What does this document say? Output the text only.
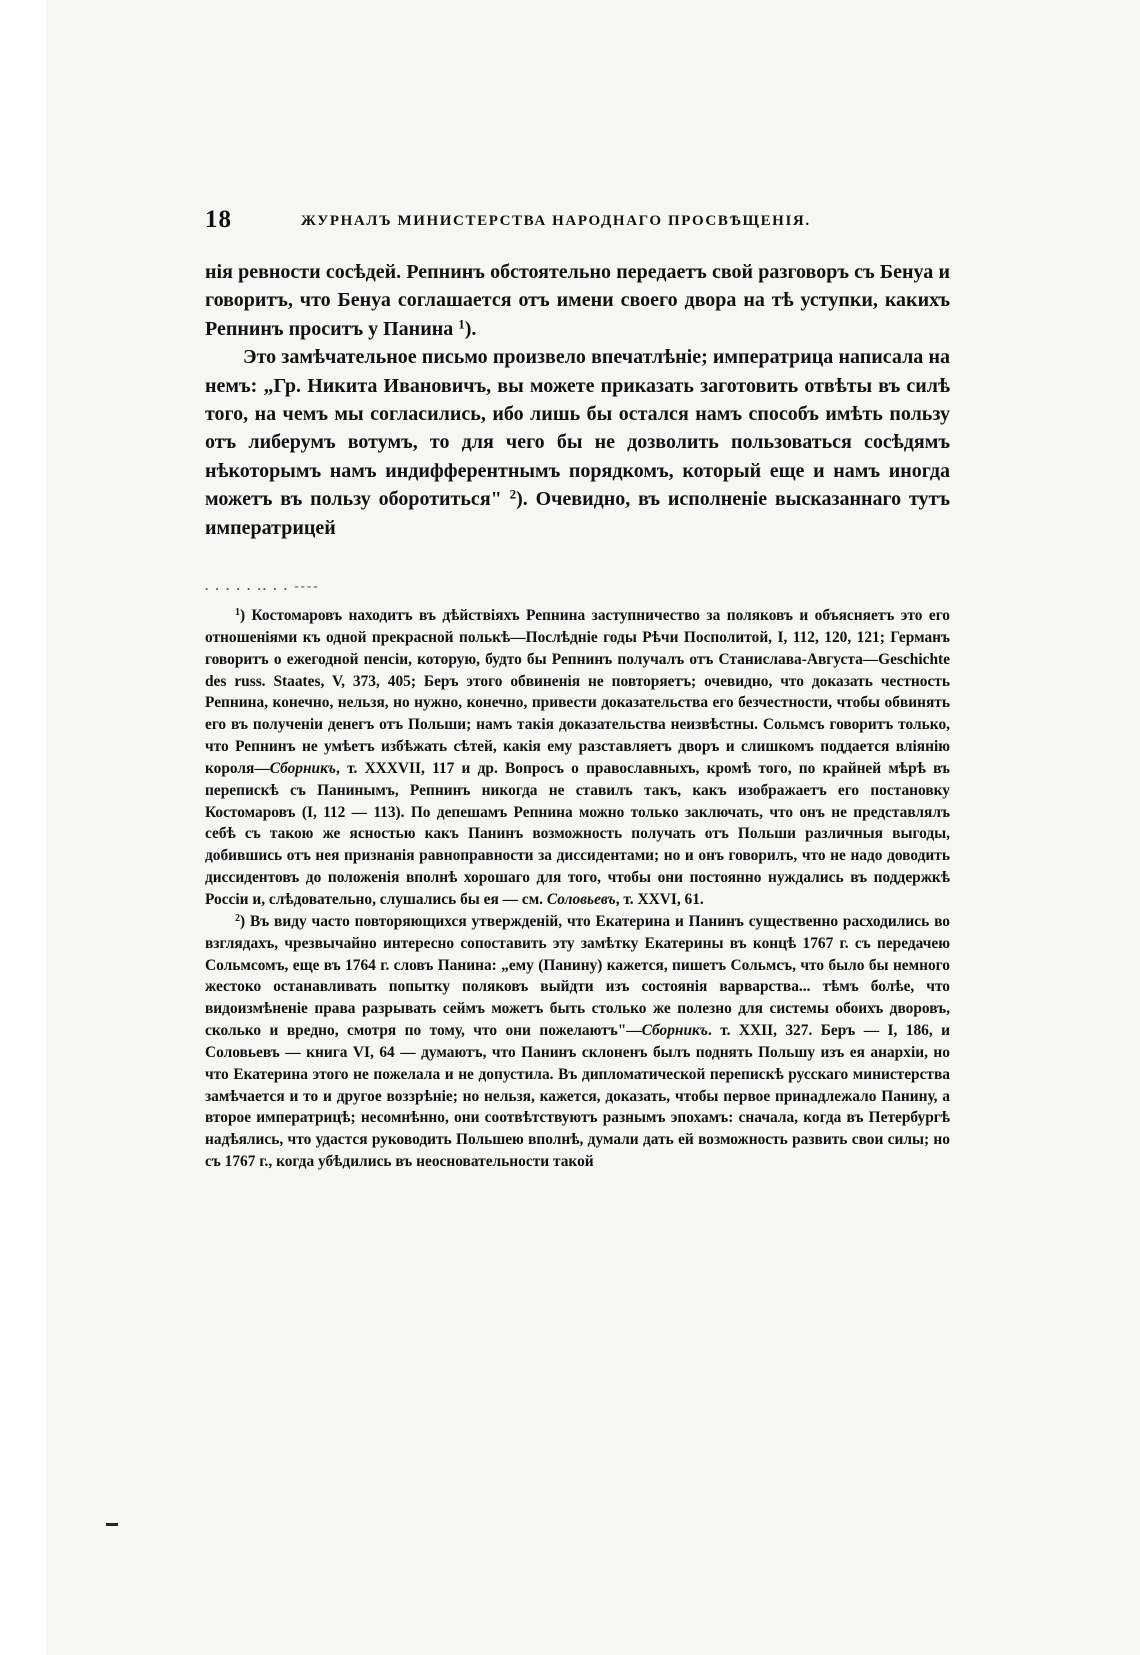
18	ЖУРНАЛЪ МИНИСТЕРСТВА НАРОДНАГО ПРОСВѢЩЕНІЯ.

нія ревности сосѣдей. Репнинъ обстоятельно передаетъ свой разговоръ съ Бенуа и говоритъ, что Бенуа соглашается отъ имени своего двора на тѣ уступки, какихъ Репнинъ проситъ у Панина $^1$).

Это замѣчательное письмо произвело впечатлѣніе; императрица написала на немъ: „Гр. Никита Ивановичъ, вы можете приказать заготовить отвѣты въ силѣ того, на чемъ мы согласились, ибо лишь бы остался намъ способъ имѣть пользу отъ либерумъ вотумъ, то для чего бы не дозволить пользоваться сосѣдямъ нѣкоторымъ намъ индифферентнымъ порядкомъ, который еще и намъ иногда можетъ въ пользу оборотиться" $^2$). Очевидно, въ исполненіе высказаннаго тутъ императрицей

. . . . . .. . . ----

$^1$) Костомаровъ находитъ въ дѣйствіяхъ Репнина заступничество за поляковъ и объясняетъ это его отношеніями къ одной прекрасной полькѣ—Послѣдніе годы Рѣчи Посполитой, I, 112, 120, 121; Германъ говоритъ о ежегодной пенсіи, которую, будто бы Репнинъ получалъ отъ Станислава-Августа—Geschichte des russ. Staates, V, 373, 405; Беръ этого обвиненія не повторяетъ; очевидно, что доказать честность Репнина, конечно, нельзя, но нужно, конечно, привести доказательства его безчестности, чтобы обвинять его въ полученіи денегъ отъ Польши; намъ такія доказательства неизвѣстны. Сольмсъ говоритъ только, что Репнинъ не умѣетъ избѣжать сѣтей, какія ему разставляетъ дворъ и слишкомъ поддается вліянію короля—Сборникъ, т. XXXVII, 117 и др. Вопросъ о православныхъ, кромѣ того, по крайней мѣрѣ въ перепискѣ съ Панинымъ, Репнинъ никогда не ставилъ такъ, какъ изображаетъ его постановку Костомаровъ (I, 112 — 113). По депешамъ Репнина можно только заключать, что онъ не представлялъ себѣ съ такою же ясностью какъ Панинъ возможность получать отъ Польши различныя выгоды, добившись отъ нея признанія равноправности за диссидентами; но и онъ говорилъ, что не надо доводить диссидентовъ до положенія вполнѣ хорошаго для того, чтобы они постоянно нуждались въ поддержкѣ Россіи и, слѣдовательно, слушались бы ея — см. Соловьевъ, т. XXVI, 61.

$^2$) Въ виду часто повторяющихся утвержденій, что Екатерина и Панинъ существенно расходились во взглядахъ, чрезвычайно интересно сопоставить эту замѣтку Екатерины въ концѣ 1767 г. съ передачею Сольмсомъ, еще въ 1764 г. словъ Панина: „ему (Панину) кажется, пишетъ Сольмсъ, что было бы немного жестоко останавливать попытку поляковъ выйдти изъ состоянія варварства... тѣмъ болѣе, что видоизмѣненіе права разрывать сеймъ можетъ быть столько же полезно для системы обоихъ дворовъ, сколько и вредно, смотря по тому, что они пожелаютъ"—Сборникъ. т. XXII, 327. Беръ — I, 186, и Соловьевъ — книга VI, 64 — думаютъ, что Панинъ склоненъ былъ поднять Польшу изъ ея анархіи, но что Екатерина этого не пожелала и не допустила. Въ дипломатической перепискѣ русскаго министерства замѣчается и то и другое воззрѣніе; но нельзя, кажется, доказать, чтобы первое принадлежало Панину, а второе императрицѣ; несомнѣнно, они соотвѣтствуютъ разнымъ эпохамъ: сначала, когда въ Петербургѣ надѣялись, что удастся руководить Польшею вполнѣ, думали дать ей возможность развить свои силы; но съ 1767 г., когда убѣдились въ неосновательности такой
